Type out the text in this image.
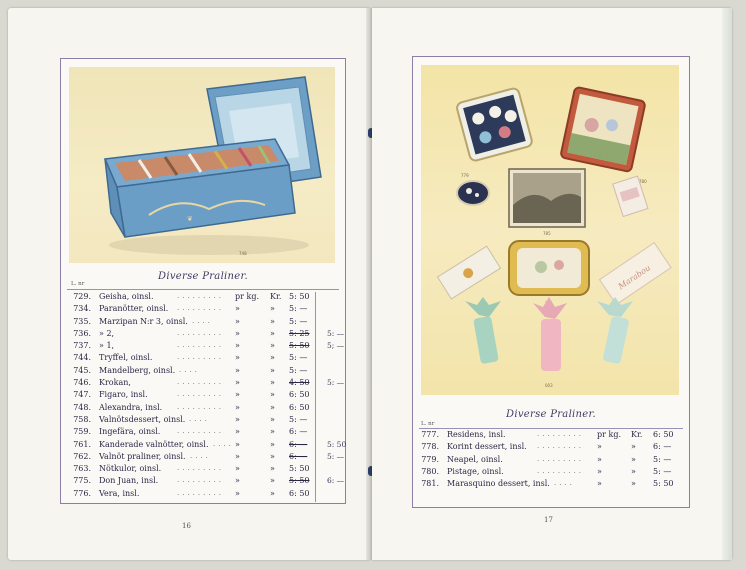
❦
748
Diverse Praliner.
L. nr
729. Geisha, oinsl.	......... pr kg. Kr. 5: 50
734. Paranötter, oinsl. ......... »	» 5: —
735. Marzipan N:r 3, oinsl. ....	»	» 5: —
736. » 2,	......... »	» 5: 25 5: —
737. » 1,	......... »	» 5: 50 5; —
744. Tryffel, oinsl.	......... »	» 5: —
745. Mandelberg, oinsl. ....	»	» 5: —
746. Krokan,	......... »	» 4: 50 5: —
747. Figaro, insl.	......... »	» 6: 50
748. Alexandra, insl. ......... »	» 6: 50
758. Valnötsdessert, oinsl. ....	»	» 5: —
759. Ingefära, oinsl. ......... »	» 6: —
761. Kanderade valnötter, oinsl. .... »	» 6: —	5: 50
762. Valnöt praliner, oinsl. ....	»	» 6: —	5: —
763. Nötkulor, oinsl. ......... »	» 5: 50
775. Don Juan, insl.	......... »	» 5: 50 6: —
776. Vera, insl.	......... »	» 6: 50
16
779
780
785
Marabou
003
Diverse Praliner.
L. nr
777. Residens, insl.	......... pr kg. Kr. 6: 50
778. Korint dessert, insl. ......... »	» 6: —
779. Neapel, oinsl.	......... »	» 5: —
780. Pistage, oinsl.	......... »	» 5: —
781. Marasquino dessert, insl. ....	»	» 5: 50
17
